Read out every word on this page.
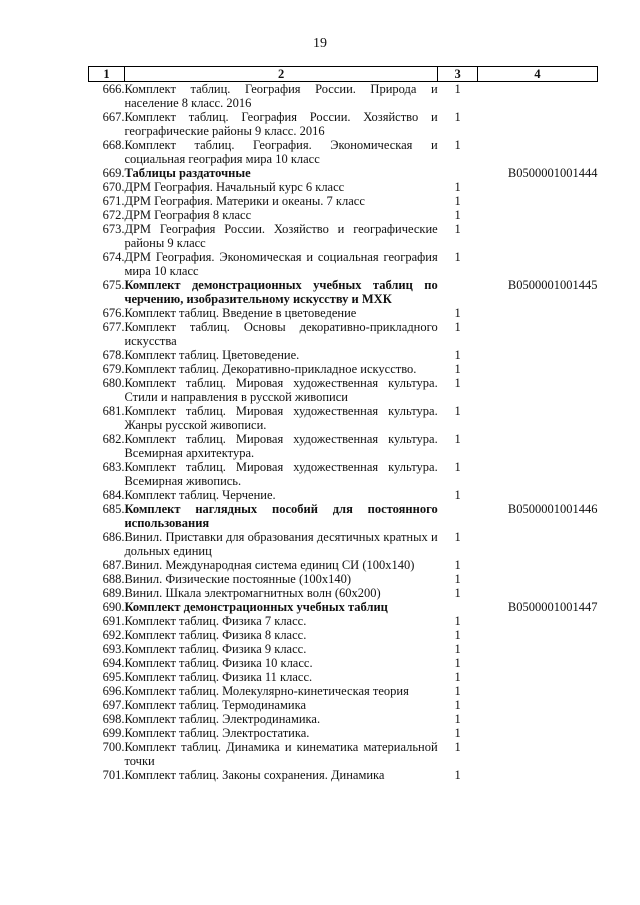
19
1	2	3	4
666.	Комплект таблиц. География России. Природа и население 8 класс. 2016	1	
667.	Комплект таблиц. География России. Хозяйство и географические районы 9 класс. 2016	1	
668.	Комплект таблиц. География. Экономическая и социальная география мира 10 класс	1	
669.	Таблицы раздаточные		B0500001001444
670.	ДРМ География. Начальный курс 6 класс	1	
671.	ДРМ География. Материки и океаны. 7 класс	1	
672.	ДРМ География 8 класс	1	
673.	ДРМ География России. Хозяйство и географические районы 9 класс	1	
674.	ДРМ География. Экономическая и социальная география мира 10 класс	1	
675.	Комплект демонстрационных учебных таблиц по черчению, изобразительному искусству и МХК		B0500001001445
676.	Комплект таблиц. Введение в цветоведение	1	
677.	Комплект таблиц. Основы декоративно-прикладного искусства	1	
678.	Комплект таблиц. Цветоведение.	1	
679.	Комплект таблиц. Декоративно-прикладное искусство.	1	
680.	Комплект таблиц. Мировая художественная культура. Стили и направления в русской живописи	1	
681.	Комплект таблиц. Мировая художественная культура. Жанры русской живописи.	1	
682.	Комплект таблиц. Мировая художественная культура. Всемирная архитектура.	1	
683.	Комплект таблиц. Мировая художественная культура. Всемирная живопись.	1	
684.	Комплект таблиц. Черчение.	1	
685.	Комплект наглядных пособий для постоянного использования		B0500001001446
686.	Винил. Приставки для образования десятичных кратных и дольных единиц	1	
687.	Винил. Международная система единиц СИ (100х140)	1	
688.	Винил. Физические постоянные (100х140)	1	
689.	Винил. Шкала электромагнитных волн (60х200)	1	
690.	Комплект демонстрационных учебных таблиц		B0500001001447
691.	Комплект таблиц. Физика 7 класс.	1	
692.	Комплект таблиц. Физика 8 класс.	1	
693.	Комплект таблиц. Физика 9 класс.	1	
694.	Комплект таблиц. Физика 10 класс.	1	
695.	Комплект таблиц. Физика 11 класс.	1	
696.	Комплект таблиц. Молекулярно-кинетическая теория	1	
697.	Комплект таблиц. Термодинамика	1	
698.	Комплект таблиц. Электродинамика.	1	
699.	Комплект таблиц. Электростатика.	1	
700.	Комплект таблиц. Динамика и кинематика материальной точки	1	
701.	Комплект таблиц. Законы сохранения. Динамика	1	
